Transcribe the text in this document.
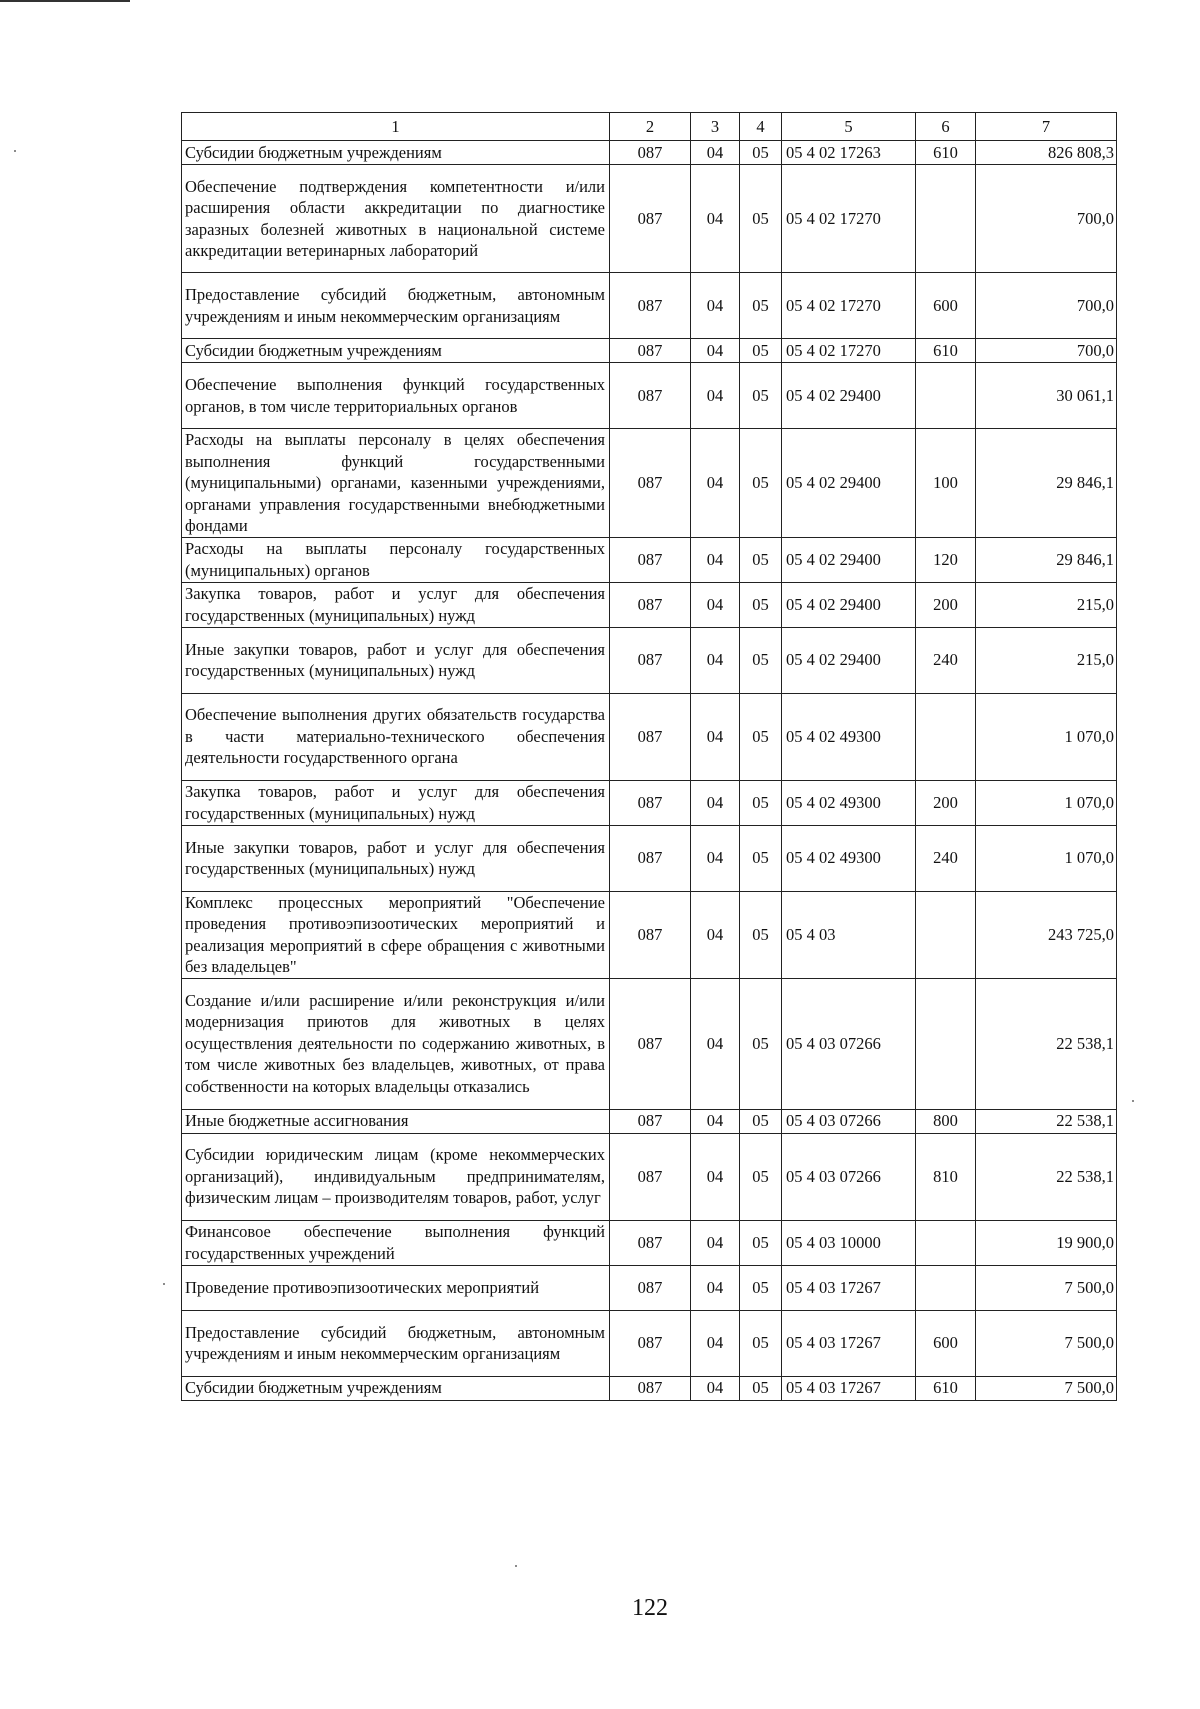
1	2	3	4	5	6	7
Субсидии бюджетным учреждениям	087	04	05	05 4 02 17263	610	826 808,3
Обеспечение подтверждения компетентности и/или расширения области аккредитации по диагностике заразных болезней животных в национальной системе аккредитации ветеринарных лабораторий	087	04	05	05 4 02 17270		700,0
Предоставление субсидий бюджетным, автономным учреждениям и иным некоммерческим организациям	087	04	05	05 4 02 17270	600	700,0
Субсидии бюджетным учреждениям	087	04	05	05 4 02 17270	610	700,0
Обеспечение выполнения функций государственных органов, в том числе территориальных органов	087	04	05	05 4 02 29400		30 061,1
Расходы на выплаты персоналу в целях обеспечения выполнения функций государственными (муниципальными) органами, казенными учреждениями, органами управления государственными внебюджетными фондами	087	04	05	05 4 02 29400	100	29 846,1
Расходы на выплаты персоналу государственных (муниципальных) органов	087	04	05	05 4 02 29400	120	29 846,1
Закупка товаров, работ и услуг для обеспечения государственных (муниципальных) нужд	087	04	05	05 4 02 29400	200	215,0
Иные закупки товаров, работ и услуг для обеспечения государственных (муниципальных) нужд	087	04	05	05 4 02 29400	240	215,0
Обеспечение выполнения других обязательств государства в части материально-технического обеспечения деятельности государственного органа	087	04	05	05 4 02 49300		1 070,0
Закупка товаров, работ и услуг для обеспечения государственных (муниципальных) нужд	087	04	05	05 4 02 49300	200	1 070,0
Иные закупки товаров, работ и услуг для обеспечения государственных (муниципальных) нужд	087	04	05	05 4 02 49300	240	1 070,0
Комплекс процессных мероприятий "Обеспечение проведения противоэпизоотических мероприятий и реализация мероприятий в сфере обращения с животными без владельцев"	087	04	05	05 4 03		243 725,0
Создание и/или расширение и/или реконструкция и/или модернизация приютов для животных в целях осуществления деятельности по содержанию животных, в том числе животных без владельцев, животных, от права собственности на которых владельцы отказались	087	04	05	05 4 03 07266		22 538,1
Иные бюджетные ассигнования	087	04	05	05 4 03 07266	800	22 538,1
Субсидии юридическим лицам (кроме некоммерческих организаций), индивидуальным предпринимателям, физическим лицам – производителям товаров, работ, услуг	087	04	05	05 4 03 07266	810	22 538,1
Финансовое обеспечение выполнения функций государственных учреждений	087	04	05	05 4 03 10000		19 900,0
Проведение противоэпизоотических мероприятий	087	04	05	05 4 03 17267		7 500,0
Предоставление субсидий бюджетным, автономным учреждениям и иным некоммерческим организациям	087	04	05	05 4 03 17267	600	7 500,0
Субсидии бюджетным учреждениям	087	04	05	05 4 03 17267	610	7 500,0
122
